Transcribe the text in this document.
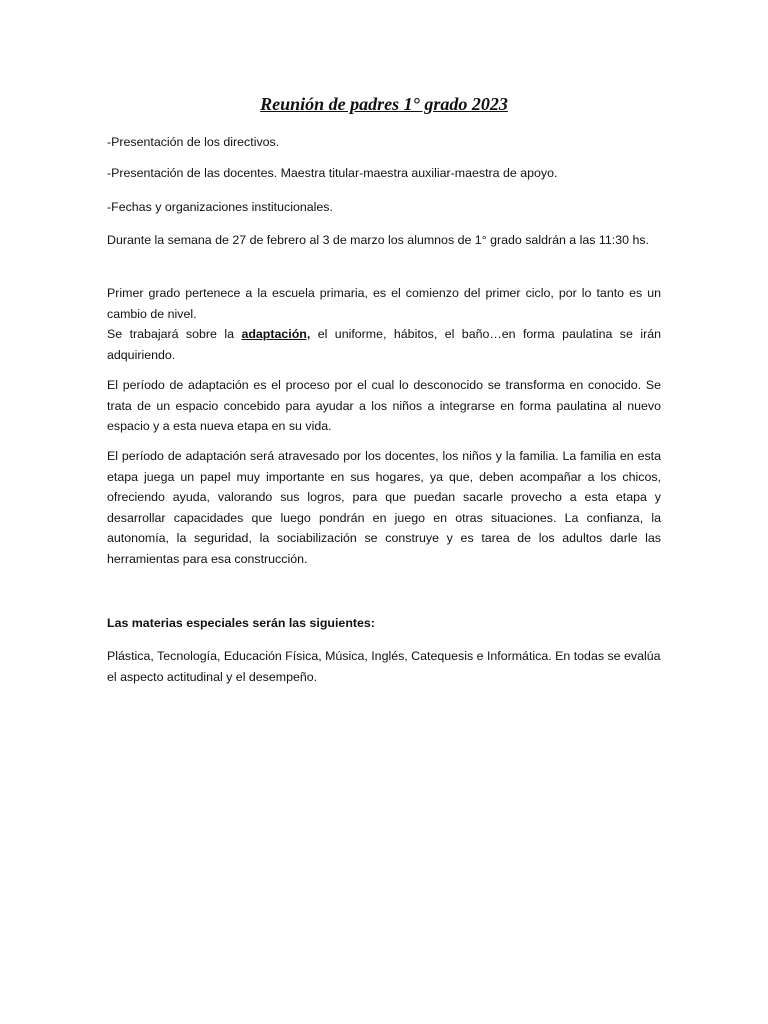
Reunión de padres 1° grado 2023

-Presentación de los directivos.

-Presentación de las docentes. Maestra titular-maestra auxiliar-maestra de apoyo.

-Fechas y organizaciones institucionales.

Durante la semana de 27 de febrero al 3 de marzo los alumnos de 1° grado saldrán a las 11:30 hs.

Primer grado pertenece a la escuela primaria, es el comienzo del primer ciclo, por lo tanto es un cambio de nivel.
Se trabajará sobre la adaptación, el uniforme, hábitos, el baño…en forma paulatina se irán adquiriendo.

El período de adaptación es el proceso por el cual lo desconocido se transforma en conocido. Se trata de un espacio concebido para ayudar a los niños a integrarse en forma paulatina al nuevo espacio y a esta nueva etapa en su vida.

El período de adaptación será atravesado por los docentes, los niños y la familia. La familia en esta etapa juega un papel muy importante en sus hogares, ya que, deben acompañar a los chicos, ofreciendo ayuda, valorando sus logros, para que puedan sacarle provecho a esta etapa y desarrollar capacidades que luego pondrán en juego en otras situaciones. La confianza, la autonomía, la seguridad, la sociabilización se construye y es tarea de los adultos darle las herramientas para esa construcción.

Las materias especiales serán las siguientes:

Plástica, Tecnología, Educación Física, Música, Inglés, Catequesis e Informática. En todas se evalúa el aspecto actitudinal y el desempeño.
